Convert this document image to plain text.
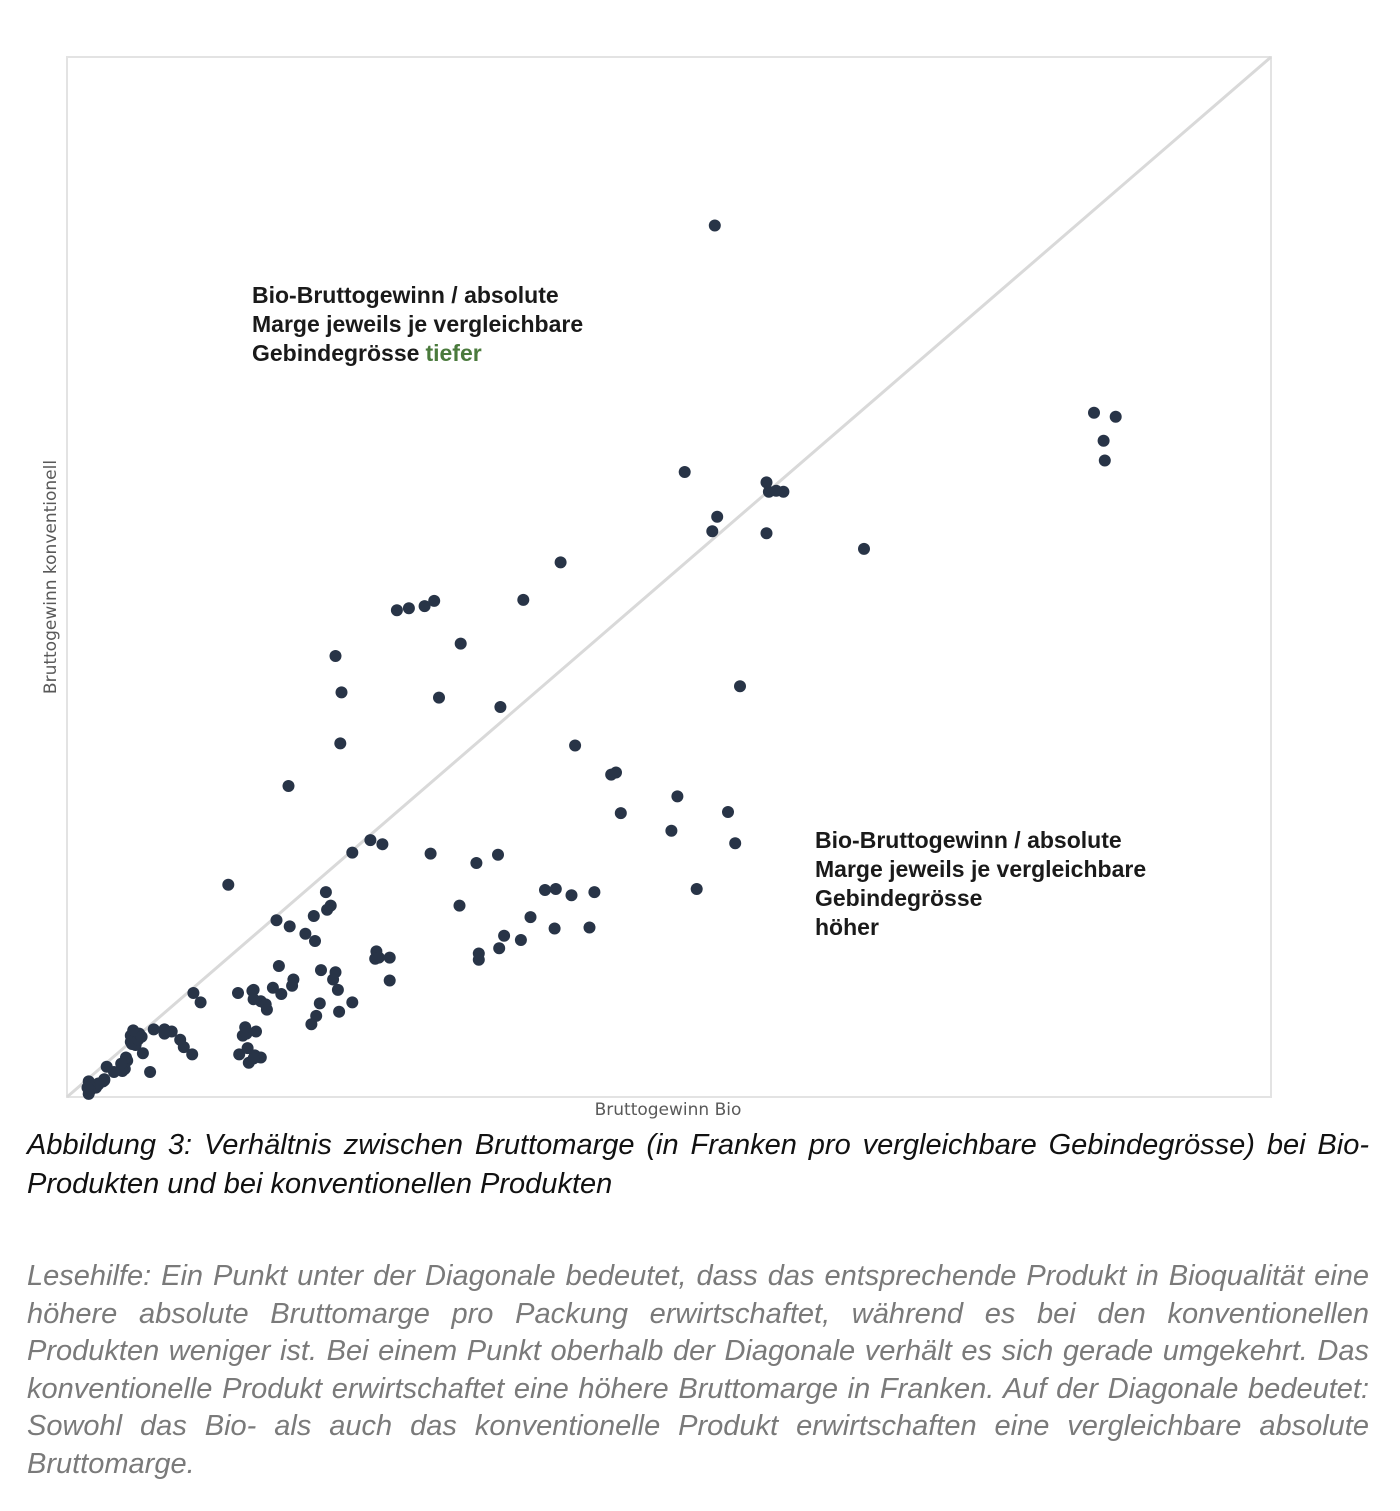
Bruttogewinn konventionell
Bruttogewinn Bio
Bio-Bruttogewinn / absolute
Marge jeweils je vergleichbare
Gebindegrösse tiefer
Bio-Bruttogewinn / absolute
Marge jeweils je vergleichbare
Gebindegrösse
höher
Abbildung 3: Verhältnis zwischen Bruttomarge (in Franken pro vergleichbare Gebindegrösse) bei Bio-Produkten und bei konventionellen Produkten
Lesehilfe: Ein Punkt unter der Diagonale bedeutet, dass das entsprechende Produkt in Bioqualität eine höhere absolute Bruttomarge pro Packung erwirtschaftet, während es bei den konventionellen Produkten weniger ist. Bei einem Punkt oberhalb der Diagonale verhält es sich gerade umgekehrt. Das konventionelle Produkt erwirtschaftet eine höhere Bruttomarge in Franken. Auf der Diagonale bedeutet: Sowohl das Bio- als auch das konventionelle Produkt erwirtschaften eine vergleichbare absolute Bruttomarge.
